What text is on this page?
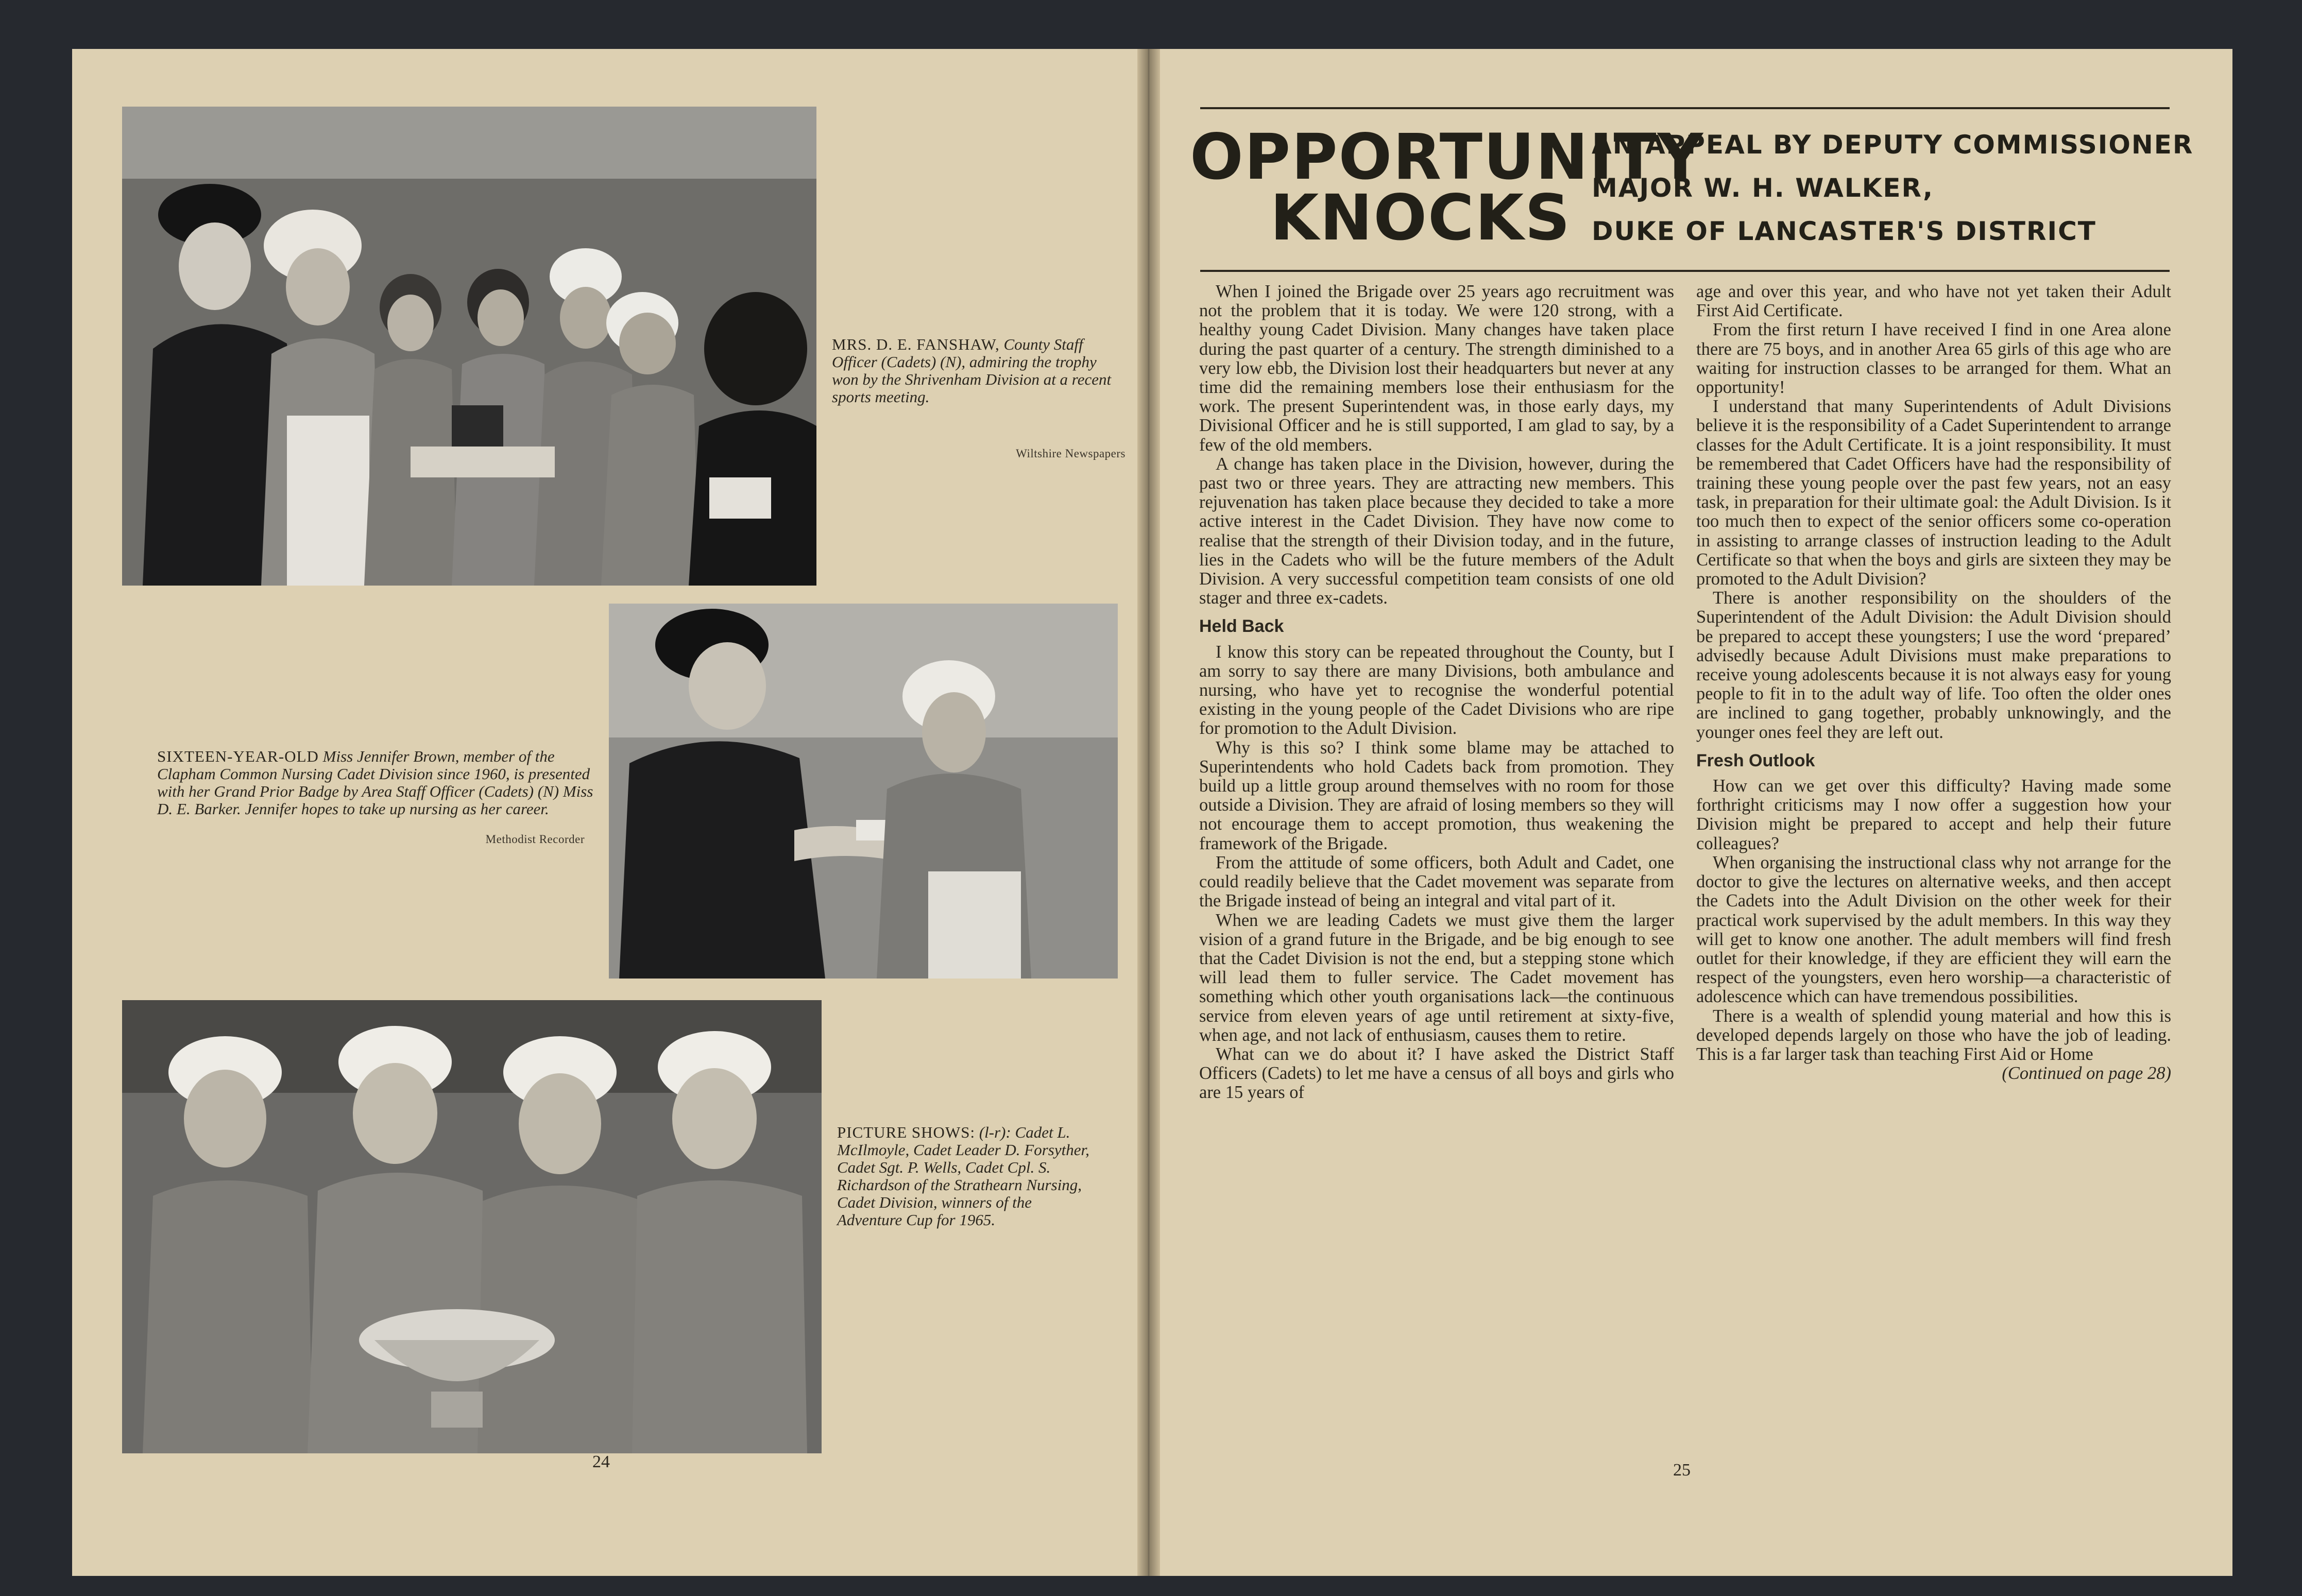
MRS. D. E. FANSHAW, County Staff Officer (Cadets) (N), admiring the trophy won by the Shrivenham Division at a recent sports meeting.
Wiltshire Newspapers
SIXTEEN-YEAR-OLD Miss Jennifer Brown, member of the Clapham Common Nursing Cadet Division since 1960, is presented with her Grand Prior Badge by Area Staff Officer (Cadets) (N) Miss D. E. Barker. Jennifer hopes to take up nursing as her career.
Methodist Recorder
PICTURE SHOWS: (l-r): Cadet L. McIlmoyle, Cadet Leader D. Forsyther, Cadet Sgt. P. Wells, Cadet Cpl. S. Richardson of the Strathearn Nursing, Cadet Division, winners of the Adventure Cup for 1965.
24
OPPORTUNITY
KNOCKS
AN APPEAL BY DEPUTY COMMISSIONER
MAJOR W. H. WALKER,
DUKE OF LANCASTER'S DISTRICT

When I joined the Brigade over 25 years ago recruitment was not the problem that it is today. We were 120 strong, with a healthy young Cadet Division. Many changes have taken place during the past quarter of a century. The strength diminished to a very low ebb, the Division lost their headquarters but never at any time did the remaining members lose their enthusiasm for the work. The present Superintendent was, in those early days, my Divisional Officer and he is still supported, I am glad to say, by a few of the old members.

A change has taken place in the Division, however, during the past two or three years. They are attracting new members. This rejuvenation has taken place because they decided to take a more active interest in the Cadet Division. They have now come to realise that the strength of their Division today, and in the future, lies in the Cadets who will be the future members of the Adult Division. A very successful competition team consists of one old stager and three ex-cadets.

Held Back

I know this story can be repeated throughout the County, but I am sorry to say there are many Divisions, both ambulance and nursing, who have yet to recognise the wonderful potential existing in the young people of the Cadet Divisions who are ripe for promotion to the Adult Division.

Why is this so? I think some blame may be attached to Superintendents who hold Cadets back from promotion. They build up a little group around themselves with no room for those outside a Division. They are afraid of losing members so they will not encourage them to accept promotion, thus weakening the framework of the Brigade.

From the attitude of some officers, both Adult and Cadet, one could readily believe that the Cadet movement was separate from the Brigade instead of being an integral and vital part of it.

When we are leading Cadets we must give them the larger vision of a grand future in the Brigade, and be big enough to see that the Cadet Division is not the end, but a stepping stone which will lead them to fuller service. The Cadet movement has something which other youth organisations lack—the continuous service from eleven years of age until retirement at sixty-five, when age, and not lack of enthusiasm, causes them to retire.

What can we do about it? I have asked the District Staff Officers (Cadets) to let me have a census of all boys and girls who are 15 years of

age and over this year, and who have not yet taken their Adult First Aid Certificate.

From the first return I have received I find in one Area alone there are 75 boys, and in another Area 65 girls of this age who are waiting for instruction classes to be arranged for them. What an opportunity!

I understand that many Superintendents of Adult Divisions believe it is the responsibility of a Cadet Superintendent to arrange classes for the Adult Certificate. It is a joint responsibility. It must be remembered that Cadet Officers have had the responsibility of training these young people over the past few years, not an easy task, in preparation for their ultimate goal: the Adult Division. Is it too much then to expect of the senior officers some co-operation in assisting to arrange classes of instruction leading to the Adult Certificate so that when the boys and girls are sixteen they may be promoted to the Adult Division?

There is another responsibility on the shoulders of the Superintendent of the Adult Division: the Adult Division should be prepared to accept these youngsters; I use the word ‘prepared’ advisedly because Adult Divisions must make preparations to receive young adolescents because it is not always easy for young people to fit in to the adult way of life. Too often the older ones are inclined to gang together, probably unknowingly, and the younger ones feel they are left out.

Fresh Outlook

How can we get over this difficulty? Having made some forthright criticisms may I now offer a suggestion how your Division might be prepared to accept and help their future colleagues?

When organising the instructional class why not arrange for the doctor to give the lectures on alternative weeks, and then accept the Cadets into the Adult Division on the other week for their practical work supervised by the adult members. In this way they will get to know one another. The adult members will find fresh outlet for their knowledge, if they are efficient they will earn the respect of the youngsters, even hero worship—a characteristic of adolescence which can have tremendous possibilities.

There is a wealth of splendid young material and how this is developed depends largely on those who have the job of leading. This is a far larger task than teaching First Aid or Home

(Continued on page 28)

25
